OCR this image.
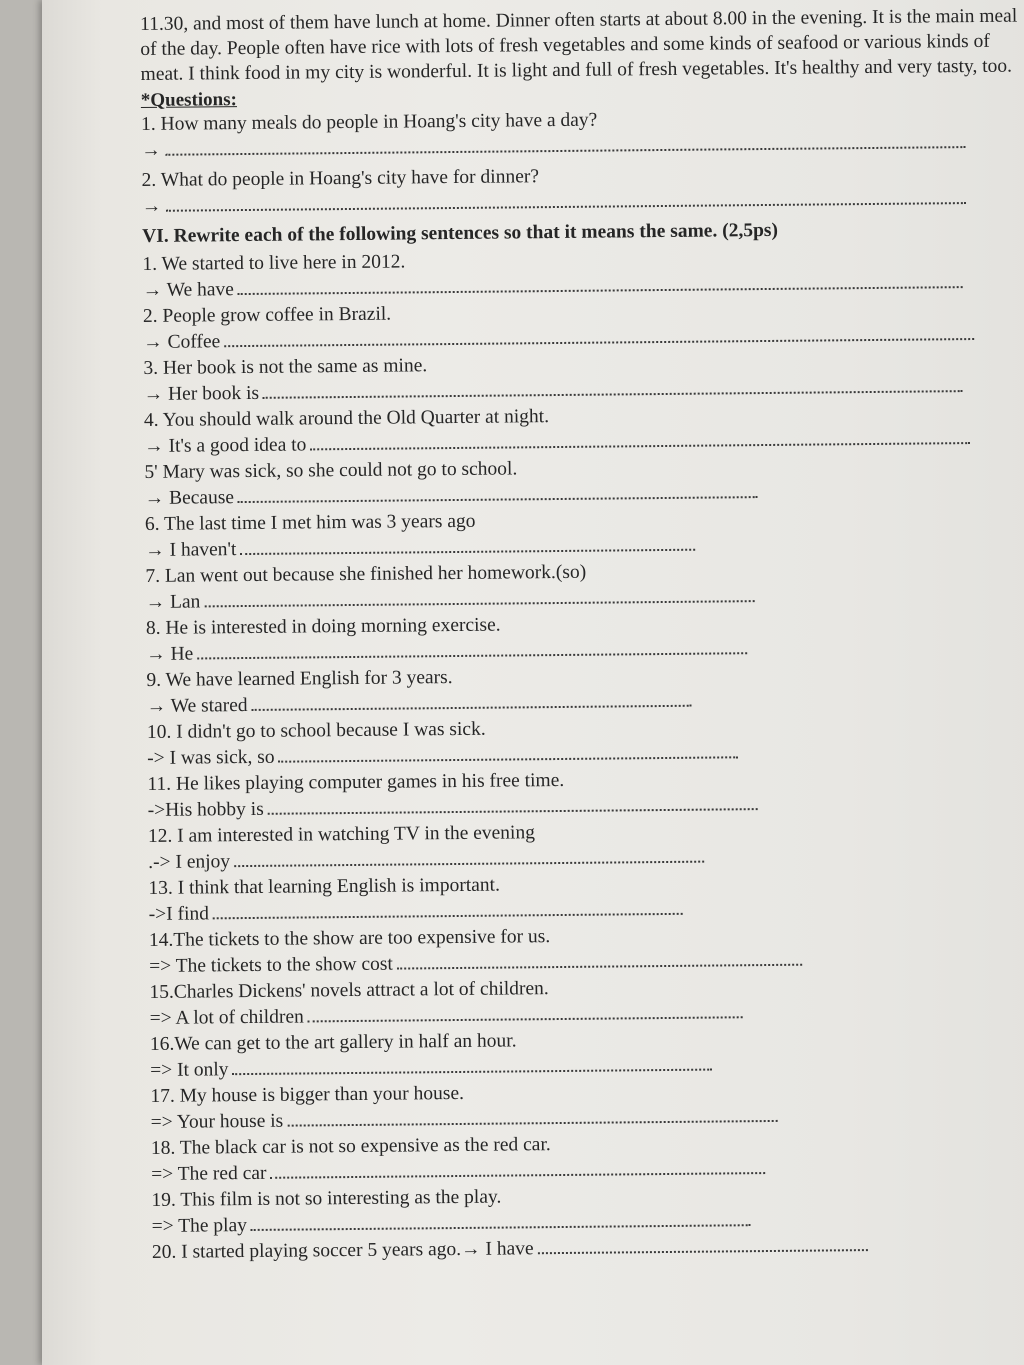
11.30, and most of them have lunch at home. Dinner often starts at about 8.00 in the evening. It is the main meal of the day. People often have rice with lots of fresh vegetables and some kinds of seafood or various kinds of meat. I think food in my city is wonderful. It is light and full of fresh vegetables. It's healthy and very tasty, too.

*Questions:
1. How many meals do people in Hoang's city have a day?
→
2. What do people in Hoang's city have for dinner?
→
VI. Rewrite each of the following sentences so that it means the same. (2,5ps)
1. We started to live here in 2012.
→ We have
2. People grow coffee in Brazil.
→ Coffee
3. Her book is not the same as mine.
→ Her book is
4. You should walk around the Old Quarter at night.
→ It's a good idea to
5' Mary was sick, so she could not go to school.
→ Because
6. The last time I met him was 3 years ago
→ I haven't
7. Lan went out because she finished her homework.(so)
→ Lan
8. He is interested in doing morning exercise.
→ He
9. We have learned English for 3 years.
→ We stared
10. I didn't go to school because I was sick.
-> I was sick, so
11. He likes playing computer games in his free time.
->His hobby is
12. I am interested in watching TV in the evening
.-> I enjoy
13. I think that learning English is important.
->I find
14.The tickets to the show are too expensive for us.
=> The tickets to the show cost
15.Charles Dickens' novels attract a lot of children.
=> A lot of children
16.We can get to the art gallery in half an hour.
=> It only
17. My house is bigger than your house.
=> Your house is
18. The black car is not so expensive as the red car.
=> The red car
19. This film is not so interesting as the play.
=> The play
20. I started playing soccer 5 years ago. → I have
